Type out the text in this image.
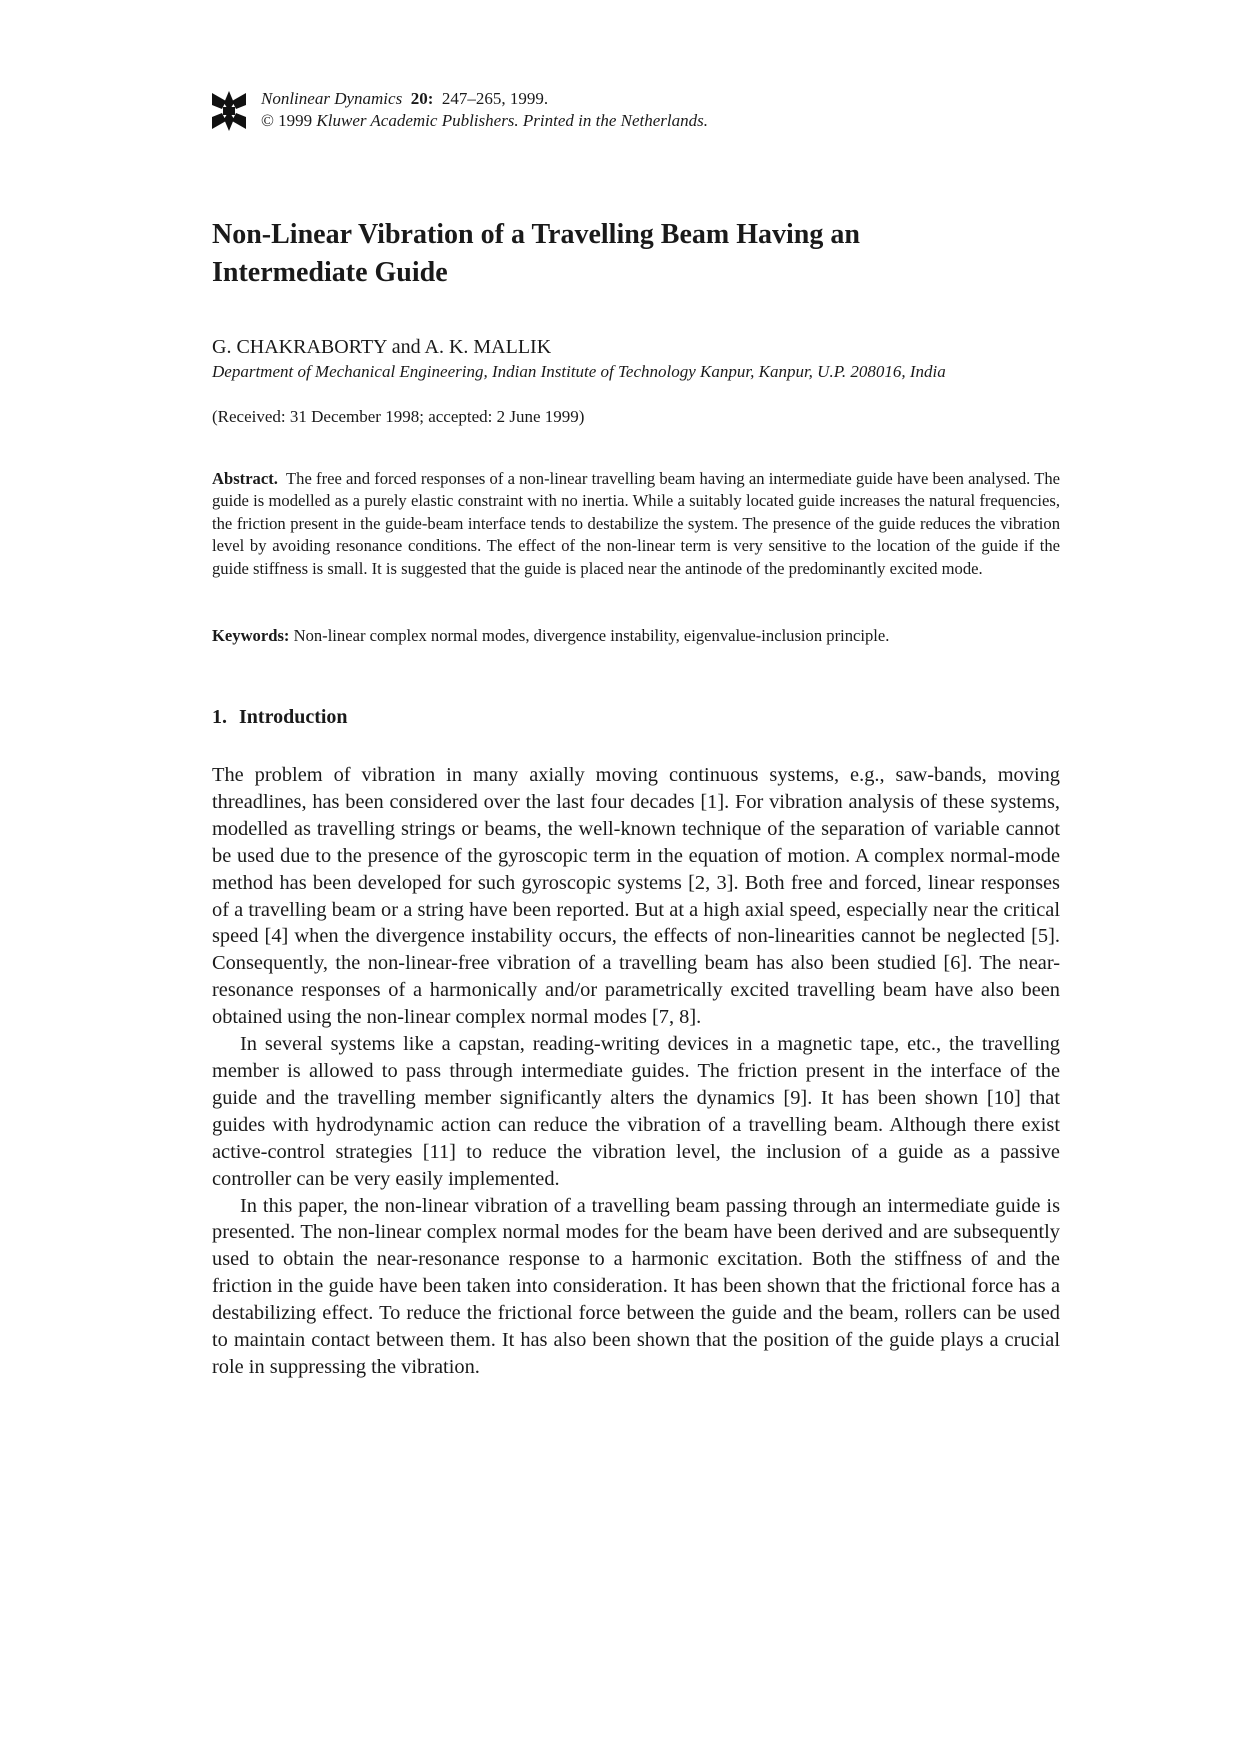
Nonlinear Dynamics 20: 247–265, 1999.
© 1999 Kluwer Academic Publishers. Printed in the Netherlands.
Non-Linear Vibration of a Travelling Beam Having an
Intermediate Guide
G. CHAKRABORTY and A. K. MALLIK
Department of Mechanical Engineering, Indian Institute of Technology Kanpur, Kanpur, U.P. 208016, India
(Received: 31 December 1998; accepted: 2 June 1999)

Abstract. The free and forced responses of a non-linear travelling beam having an intermediate guide have been analysed. The guide is modelled as a purely elastic constraint with no inertia. While a suitably located guide increases the natural frequencies, the friction present in the guide-beam interface tends to destabilize the system. The presence of the guide reduces the vibration level by avoiding resonance conditions. The effect of the non-linear term is very sensitive to the location of the guide if the guide stiffness is small. It is suggested that the guide is placed near the antinode of the predominantly excited mode.

Keywords: Non-linear complex normal modes, divergence instability, eigenvalue-inclusion principle.
1. Introduction

The problem of vibration in many axially moving continuous systems, e.g., saw-bands, moving threadlines, has been considered over the last four decades [1]. For vibration analysis of these systems, modelled as travelling strings or beams, the well-known technique of the separation of variable cannot be used due to the presence of the gyroscopic term in the equation of motion. A complex normal-mode method has been developed for such gyroscopic systems [2, 3]. Both free and forced, linear responses of a travelling beam or a string have been reported. But at a high axial speed, especially near the critical speed [4] when the divergence instability occurs, the effects of non-linearities cannot be neglected [5]. Consequently, the non-linear-free vibration of a travelling beam has also been studied [6]. The near-resonance responses of a harmonically and/or parametrically excited travelling beam have also been obtained using the non-linear complex normal modes [7, 8].

In several systems like a capstan, reading-writing devices in a magnetic tape, etc., the travelling member is allowed to pass through intermediate guides. The friction present in the interface of the guide and the travelling member significantly alters the dynamics [9]. It has been shown [10] that guides with hydrodynamic action can reduce the vibration of a travelling beam. Although there exist active-control strategies [11] to reduce the vibration level, the inclusion of a guide as a passive controller can be very easily implemented.

In this paper, the non-linear vibration of a travelling beam passing through an intermediate guide is presented. The non-linear complex normal modes for the beam have been derived and are subsequently used to obtain the near-resonance response to a harmonic excitation. Both the stiffness of and the friction in the guide have been taken into consideration. It has been shown that the frictional force has a destabilizing effect. To reduce the frictional force between the guide and the beam, rollers can be used to maintain contact between them. It has also been shown that the position of the guide plays a crucial role in suppressing the vibration.
